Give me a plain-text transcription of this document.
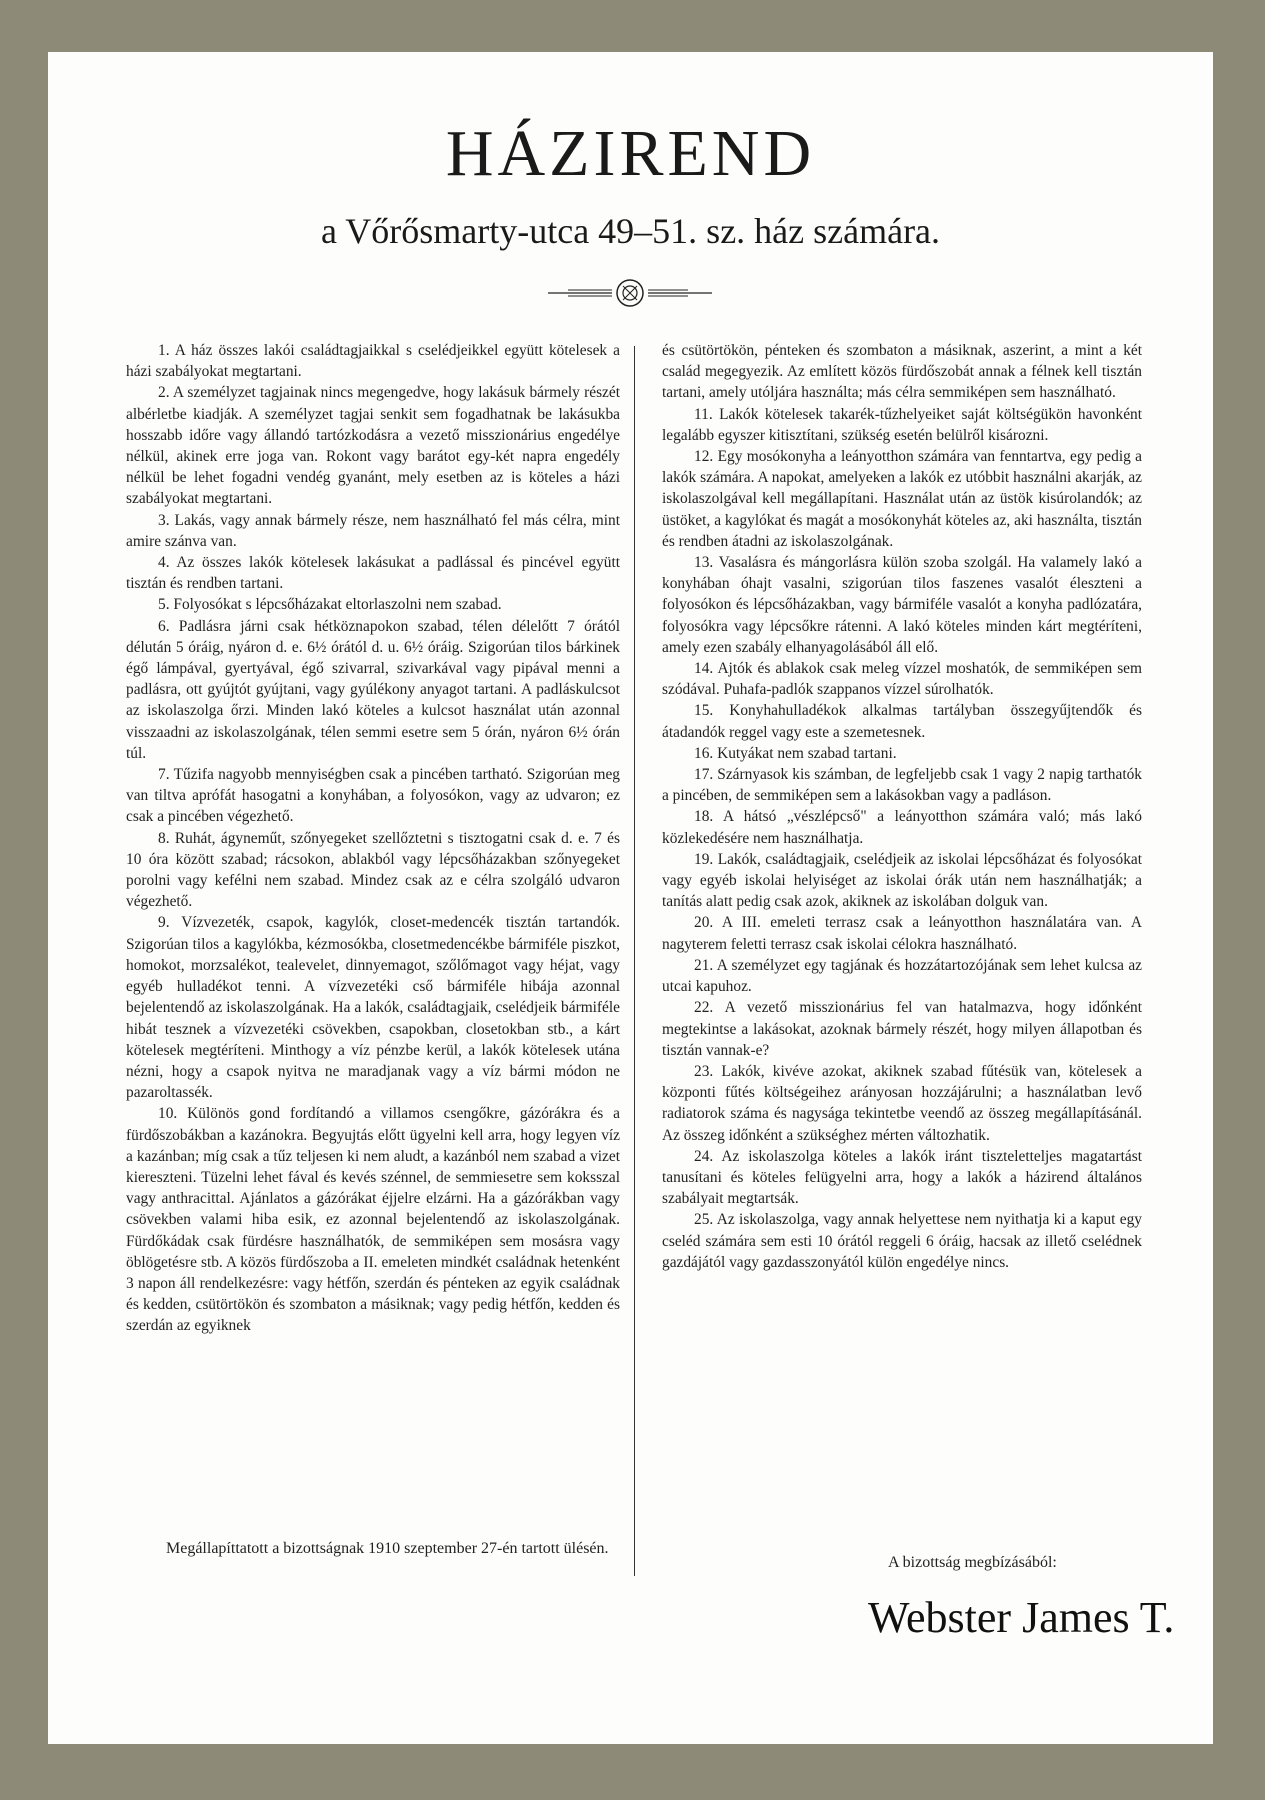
HÁZIREND
a Vőrősmarty-utca 49–51. sz. ház számára.

1. A ház összes lakói családtagjaikkal s cselédjeikkel együtt kötelesek a házi szabályokat megtartani.

2. A személyzet tagjainak nincs megengedve, hogy lakásuk bármely részét albérletbe kiadják. A személyzet tagjai senkit sem fogadhatnak be lakásukba hosszabb időre vagy állandó tartózkodásra a vezető misszionárius engedélye nélkül, akinek erre joga van. Rokont vagy barátot egy-két napra engedély nélkül be lehet fogadni vendég gyanánt, mely esetben az is köteles a házi szabályokat megtartani.

3. Lakás, vagy annak bármely része, nem használható fel más célra, mint amire szánva van.

4. Az összes lakók kötelesek lakásukat a padlással és pincével együtt tisztán és rendben tartani.

5. Folyosókat s lépcsőházakat eltorlaszolni nem szabad.

6. Padlásra járni csak hétköznapokon szabad, télen délelőtt 7 órától délután 5 óráig, nyáron d. e. 6½ órától d. u. 6½ óráig. Szigorúan tilos bárkinek égő lámpával, gyertyával, égő szivarral, szivarkával vagy pipával menni a padlásra, ott gyújtót gyújtani, vagy gyúlékony anyagot tartani. A padláskulcsot az iskolaszolga őrzi. Minden lakó köteles a kulcsot használat után azonnal visszaadni az iskolaszolgának, télen semmi esetre sem 5 órán, nyáron 6½ órán túl.

7. Tűzifa nagyobb mennyiségben csak a pincében tartható. Szigorúan meg van tiltva aprófát hasogatni a konyhában, a folyosókon, vagy az udvaron; ez csak a pincében végezhető.

8. Ruhát, ágyneműt, szőnyegeket szellőztetni s tisztogatni csak d. e. 7 és 10 óra között szabad; rácsokon, ablakból vagy lépcsőházakban szőnyegeket porolni vagy kefélni nem szabad. Mindez csak az e célra szolgáló udvaron végezhető.

9. Vízvezeték, csapok, kagylók, closet-medencék tisztán tartandók. Szigorúan tilos a kagylókba, kézmosókba, closetmedencékbe bármiféle piszkot, homokot, morzsalékot, tealevelet, dinnyemagot, szőlőmagot vagy héjat, vagy egyéb hulladékot tenni. A vízvezetéki cső bármiféle hibája azonnal bejelentendő az iskolaszolgának. Ha a lakók, családtagjaik, cselédjeik bármiféle hibát tesznek a vízvezetéki csövekben, csapokban, closetokban stb., a kárt kötelesek megtéríteni. Minthogy a víz pénzbe kerül, a lakók kötelesek utána nézni, hogy a csapok nyitva ne maradjanak vagy a víz bármi módon ne pazaroltassék.

10. Különös gond fordítandó a villamos csengőkre, gázórákra és a fürdőszobákban a kazánokra. Begyujtás előtt ügyelni kell arra, hogy legyen víz a kazánban; míg csak a tűz teljesen ki nem aludt, a kazánból nem szabad a vizet kiereszteni. Tüzelni lehet fával és kevés szénnel, de semmiesetre sem koksszal vagy anthracittal. Ajánlatos a gázórákat éjjelre elzárni. Ha a gázórákban vagy csövekben valami hiba esik, ez azonnal bejelentendő az iskolaszolgának. Fürdőkádak csak fürdésre használhatók, de semmiképen sem mosásra vagy öblögetésre stb. A közös fürdőszoba a II. emeleten mindkét családnak hetenként 3 napon áll rendelkezésre: vagy hétfőn, szerdán és pénteken az egyik családnak és kedden, csütörtökön és szombaton a másiknak; vagy pedig hétfőn, kedden és szerdán az egyiknek

és csütörtökön, pénteken és szombaton a másiknak, aszerint, a mint a két család megegyezik. Az említett közös fürdőszobát annak a félnek kell tisztán tartani, amely utóljára használta; más célra semmiképen sem használható.

11. Lakók kötelesek takarék-tűzhelyeiket saját költségükön havonként legalább egyszer kitisztítani, szükség esetén belülről kisározni.

12. Egy mosókonyha a leányotthon számára van fenntartva, egy pedig a lakók számára. A napokat, amelyeken a lakók ez utóbbit használni akarják, az iskolaszolgával kell megállapítani. Használat után az üstök kisúrolandók; az üstöket, a kagylókat és magát a mosókonyhát köteles az, aki használta, tisztán és rendben átadni az iskolaszolgának.

13. Vasalásra és mángorlásra külön szoba szolgál. Ha valamely lakó a konyhában óhajt vasalni, szigorúan tilos faszenes vasalót éleszteni a folyosókon és lépcsőházakban, vagy bármiféle vasalót a konyha padlózatára, folyosókra vagy lépcsőkre rátenni. A lakó köteles minden kárt megtéríteni, amely ezen szabály elhanyagolásából áll elő.

14. Ajtók és ablakok csak meleg vízzel moshatók, de semmiképen sem szódával. Puhafa-padlók szappanos vízzel súrolhatók.

15. Konyhahulladékok alkalmas tartályban összegyűjtendők és átadandók reggel vagy este a szemetesnek.

16. Kutyákat nem szabad tartani.

17. Szárnyasok kis számban, de legfeljebb csak 1 vagy 2 napig tarthatók a pincében, de semmiképen sem a lakásokban vagy a padláson.

18. A hátsó „vészlépcső" a leányotthon számára való; más lakó közlekedésére nem használhatja.

19. Lakók, családtagjaik, cselédjeik az iskolai lépcsőházat és folyosókat vagy egyéb iskolai helyiséget az iskolai órák után nem használhatják; a tanítás alatt pedig csak azok, akiknek az iskolában dolguk van.

20. A III. emeleti terrasz csak a leányotthon használatára van. A nagyterem feletti terrasz csak iskolai célokra használható.

21. A személyzet egy tagjának és hozzátartozójának sem lehet kulcsa az utcai kapuhoz.

22. A vezető misszionárius fel van hatalmazva, hogy időnként megtekintse a lakásokat, azoknak bármely részét, hogy milyen állapotban és tisztán vannak-e?

23. Lakók, kivéve azokat, akiknek szabad fűtésük van, kötelesek a központi fűtés költségeihez arányosan hozzájárulni; a használatban levő radiatorok száma és nagysága tekintetbe veendő az összeg megállapításánál. Az összeg időnként a szükséghez mérten változhatik.

24. Az iskolaszolga köteles a lakók iránt tiszteletteljes magatartást tanusítani és köteles felügyelni arra, hogy a lakók a házirend általános szabályait megtartsák.

25. Az iskolaszolga, vagy annak helyettese nem nyithatja ki a kaput egy cseléd számára sem esti 10 órától reggeli 6 óráig, hacsak az illető cselédnek gazdájától vagy gazdasszonyától külön engedélye nincs.

Megállapíttatott a bizottságnak 1910 szeptember 27-én tartott ülésén.
A bizottság megbízásából:
Webster James T.
